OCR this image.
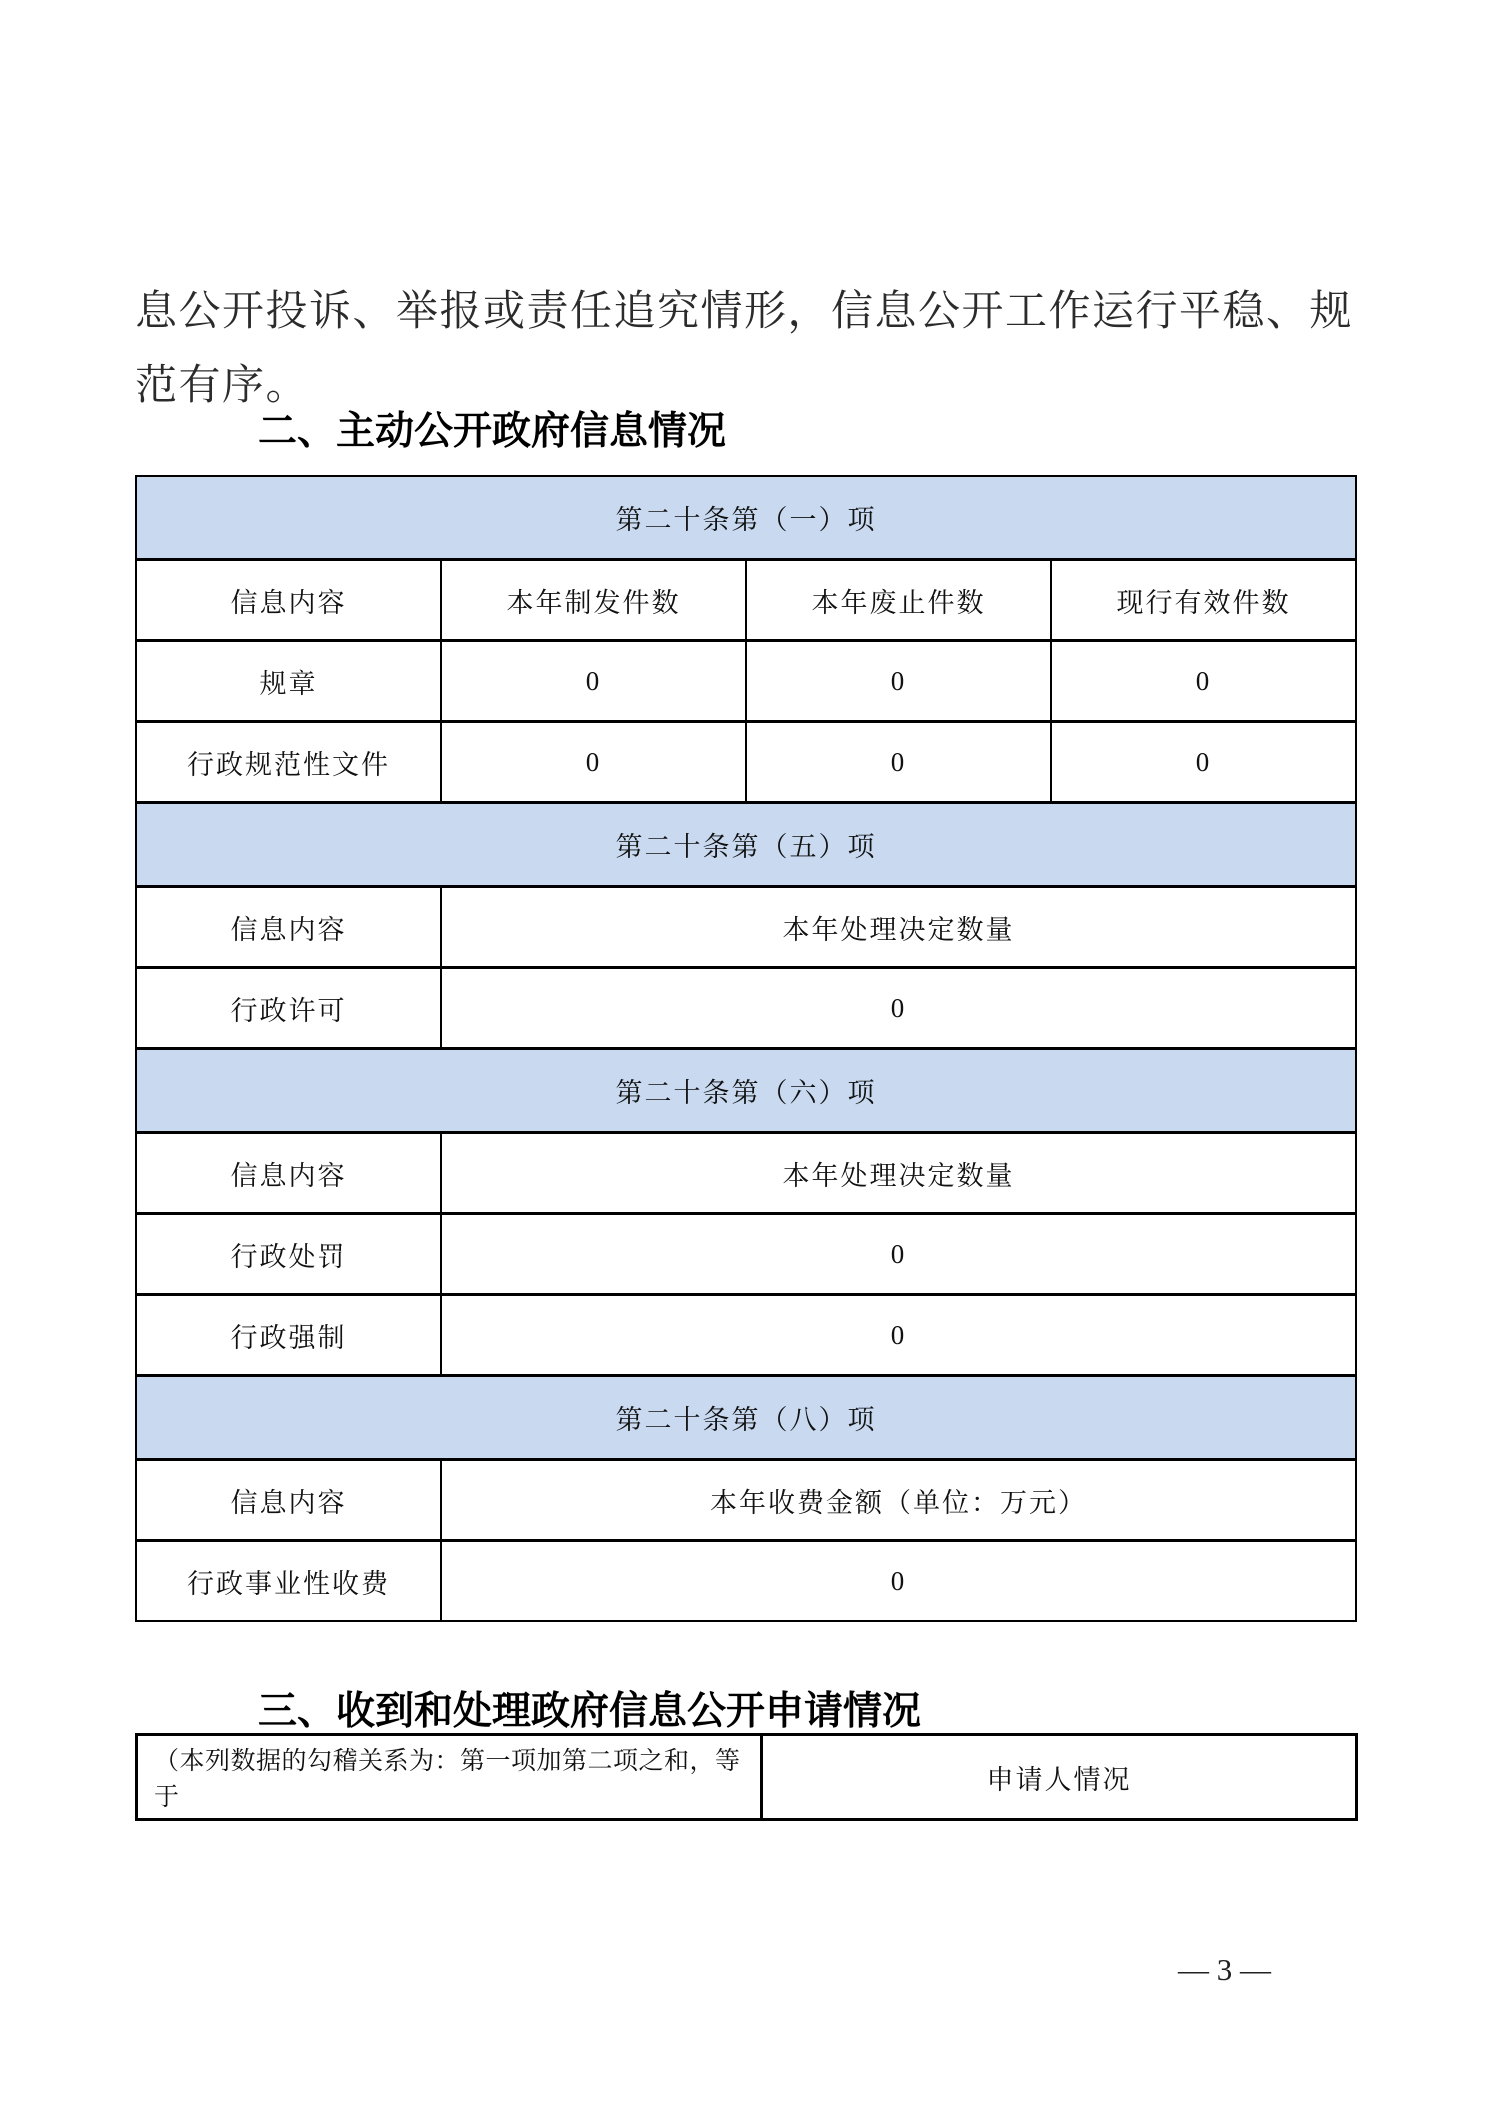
息公开投诉、举报或责任追究情形，信息公开工作运行平稳、规
范有序。
二、主动公开政府信息情况
第二十条第（一）项			
信息内容	本年制发件数	本年废止件数	现行有效件数
规章	0	0	0
行政规范性文件	0	0	0
第二十条第（五）项			
信息内容	本年处理决定数量		
行政许可	0		
第二十条第（六）项			
信息内容	本年处理决定数量		
行政处罚	0		
行政强制	0		
第二十条第（八）项			
信息内容	本年收费金额（单位：万元）		
行政事业性收费	0		
三、收到和处理政府信息公开申请情况
（本列数据的勾稽关系为：第一项加第二项之和，等于	申请人情况
— 3 —
